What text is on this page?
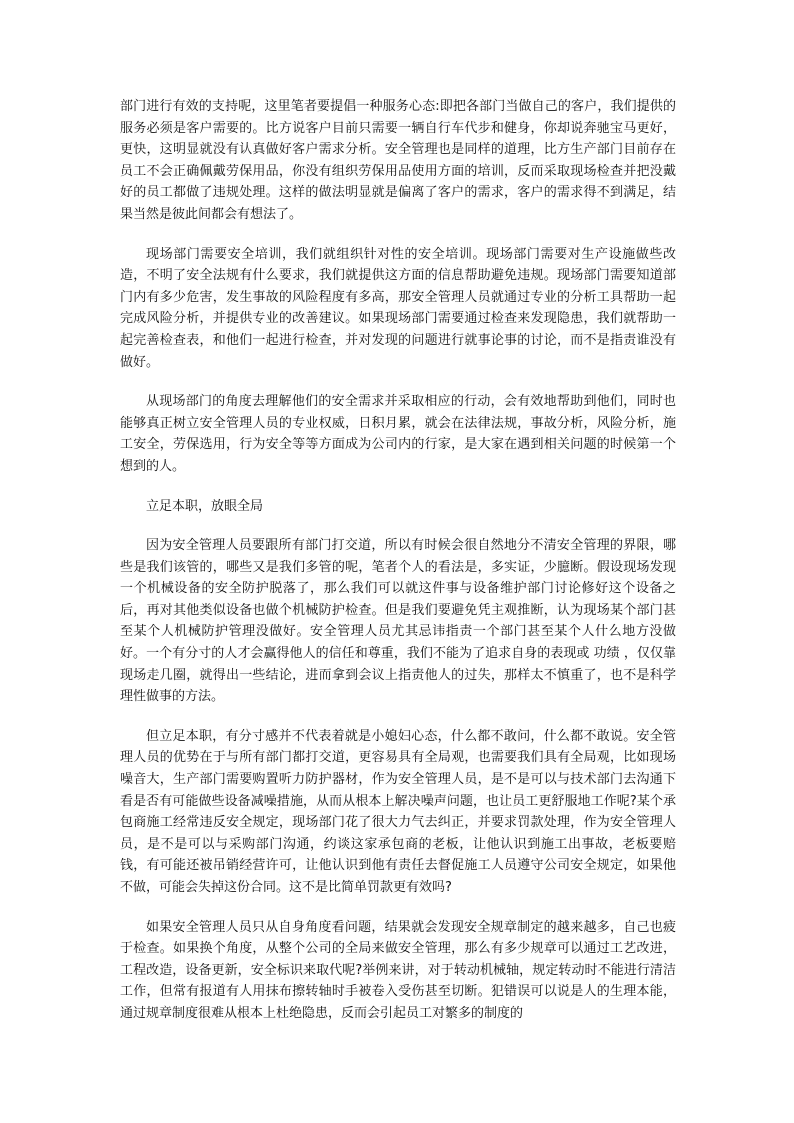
部门进行有效的支持呢，这里笔者要提倡一种服务心态:即把各部门当做自己的客户，我们提供的服务必须是客户需要的。比方说客户目前只需要一辆自行车代步和健身，你却说奔驰宝马更好，更快，这明显就没有认真做好客户需求分析。安全管理也是同样的道理，比方生产部门目前存在员工不会正确佩戴劳保用品，你没有组织劳保用品使用方面的培训，反而采取现场检查并把没戴好的员工都做了违规处理。这样的做法明显就是偏离了客户的需求，客户的需求得不到满足，结果当然是彼此间都会有想法了。

现场部门需要安全培训，我们就组织针对性的安全培训。现场部门需要对生产设施做些改造，不明了安全法规有什么要求，我们就提供这方面的信息帮助避免违规。现场部门需要知道部门内有多少危害，发生事故的风险程度有多高，那安全管理人员就通过专业的分析工具帮助一起完成风险分析，并提供专业的改善建议。如果现场部门需要通过检查来发现隐患，我们就帮助一起完善检查表，和他们一起进行检查，并对发现的问题进行就事论事的讨论，而不是指责谁没有做好。

从现场部门的角度去理解他们的安全需求并采取相应的行动，会有效地帮助到他们，同时也能够真正树立安全管理人员的专业权威，日积月累，就会在法律法规，事故分析，风险分析，施工安全，劳保选用，行为安全等等方面成为公司内的行家，是大家在遇到相关问题的时候第一个想到的人。

立足本职，放眼全局

因为安全管理人员要跟所有部门打交道，所以有时候会很自然地分不清安全管理的界限，哪些是我们该管的，哪些又是我们多管的呢，笔者个人的看法是，多实证，少臆断。假设现场发现一个机械设备的安全防护脱落了，那么我们可以就这件事与设备维护部门讨论修好这个设备之后，再对其他类似设备也做个机械防护检查。但是我们要避免凭主观推断，认为现场某个部门甚至某个人机械防护管理没做好。安全管理人员尤其忌讳指责一个部门甚至某个人什么地方没做好。一个有分寸的人才会赢得他人的信任和尊重，我们不能为了追求自身的表现或 功绩 ，仅仅靠现场走几圈，就得出一些结论，进而拿到会议上指责他人的过失，那样太不慎重了，也不是科学理性做事的方法。

但立足本职，有分寸感并不代表着就是小媳妇心态，什么都不敢问，什么都不敢说。安全管理人员的优势在于与所有部门都打交道，更容易具有全局观，也需要我们具有全局观，比如现场噪音大，生产部门需要购置听力防护器材，作为安全管理人员，是不是可以与技术部门去沟通下看是否有可能做些设备减噪措施，从而从根本上解决噪声问题，也让员工更舒服地工作呢?某个承包商施工经常违反安全规定，现场部门花了很大力气去纠正，并要求罚款处理，作为安全管理人员，是不是可以与采购部门沟通，约谈这家承包商的老板，让他认识到施工出事故，老板要赔钱，有可能还被吊销经营许可，让他认识到他有责任去督促施工人员遵守公司安全规定，如果他不做，可能会失掉这份合同。这不是比简单罚款更有效吗?

如果安全管理人员只从自身角度看问题，结果就会发现安全规章制定的越来越多，自己也疲于检查。如果换个角度，从整个公司的全局来做安全管理，那么有多少规章可以通过工艺改进，工程改造，设备更新，安全标识来取代呢?举例来讲，对于转动机械轴，规定转动时不能进行清洁工作，但常有报道有人用抹布擦转轴时手被卷入受伤甚至切断。犯错误可以说是人的生理本能，通过规章制度很难从根本上杜绝隐患，反而会引起员工对繁多的制度的
